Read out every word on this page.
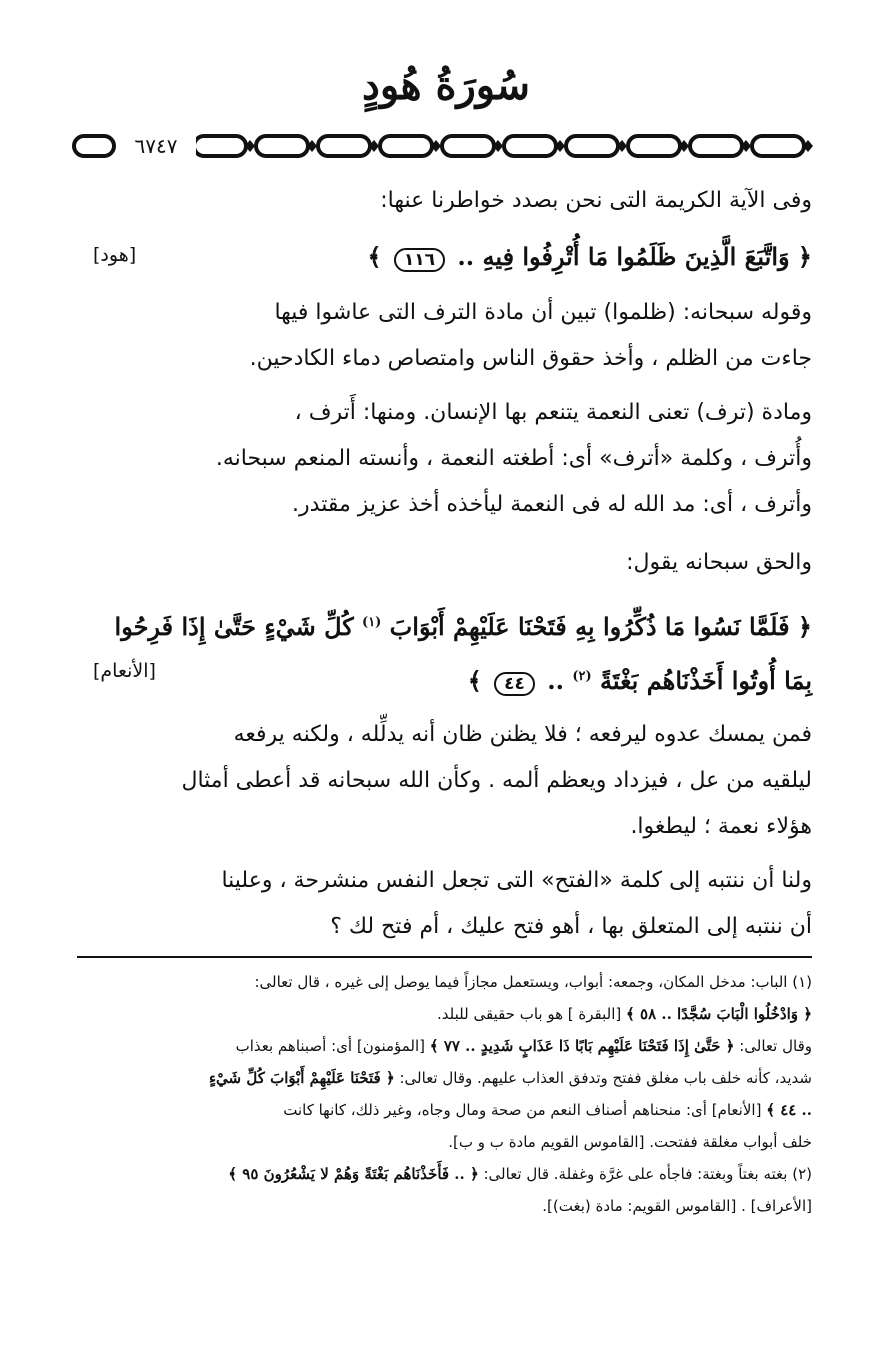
سُورَةُ هُودٍ
٦٧٤٧
وفى الآية الكريمة التى نحن بصدد خواطرنا عنها:
﴿ وَاتَّبَعَ الَّذِينَ ظَلَمُوا مَا أُتْرِفُوا فِيهِ .. ١١٦ ﴾
[هود]
وقوله سبحانه: (ظلموا) تبين أن مادة الترف التى عاشوا فيها
جاءت من الظلم ، وأخذ حقوق الناس وامتصاص دماء الكادحين.
ومادة (ترف) تعنى النعمة يتنعم بها الإنسان. ومنها: أَترف ،
وأُترف ، وكلمة «أترف» أى: أطغته النعمة ، وأنسته المنعم سبحانه.
وأترف ، أى: مد الله له فى النعمة ليأخذه أخذ عزيز مقتدر.
والحق سبحانه يقول:
﴿ فَلَمَّا نَسُوا مَا ذُكِّرُوا بِهِ فَتَحْنَا عَلَيْهِمْ أَبْوَابَ $^{(١)}$ كُلِّ شَيْءٍ حَتَّىٰ إِذَا فَرِحُوا
بِمَا أُوتُوا أَخَذْنَاهُم بَغْتَةً $^{(٢)}$ .. ٤٤ ﴾
[الأنعام]
فمن يمسك عدوه ليرفعه ؛ فلا يظنن ظان أنه يدلِّله ، ولكنه يرفعه
ليلقيه من عل ، فيزداد ويعظم ألمه . وكأن الله سبحانه قد أعطى أمثال
هؤلاء نعمة ؛ ليطغوا.
ولنا أن ننتبه إلى كلمة «الفتح» التى تجعل النفس منشرحة ، وعلينا
أن ننتبه إلى المتعلق بها ، أهو فتح عليك ، أم فتح لك ؟

(١) الباب: مدخل المكان، وجمعه: أبواب، ويستعمل مجازاً فيما يوصل إلى غيره ، قال تعالى:

﴿ وَادْخُلُوا الْبَابَ سُجَّدًا .. ٥٨ ﴾ [البقرة ] هو باب حقيقى للبلد.

وقال تعالى: ﴿ حَتَّىٰ إِذَا فَتَحْنَا عَلَيْهِم بَابًا ذَا عَذَابٍ شَدِيدٍ .. ٧٧ ﴾ [المؤمنون] أى: أصبناهم بعذاب

شديد، كأنه خلف باب مغلق ففتح وتدفق العذاب عليهم. وقال تعالى: ﴿ فَتَحْنَا عَلَيْهِمْ أَبْوَابَ كُلِّ شَيْءٍ

.. ٤٤ ﴾ [الأنعام] أى: منحناهم أصناف النعم من صحة ومال وجاه، وغير ذلك، كانها كانت

خلف أبواب مغلقة ففتحت. [القاموس القويم مادة ب و ب].

(٢) بغته بغتاً وبغتة: فاجأه على غرَّة وغفلة. قال تعالى: ﴿ .. فَأَخَذْنَاهُم بَغْتَةً وَهُمْ لا يَشْعُرُونَ ٩٥ ﴾

[الأعراف] . [القاموس القويم: مادة (بغت)].
